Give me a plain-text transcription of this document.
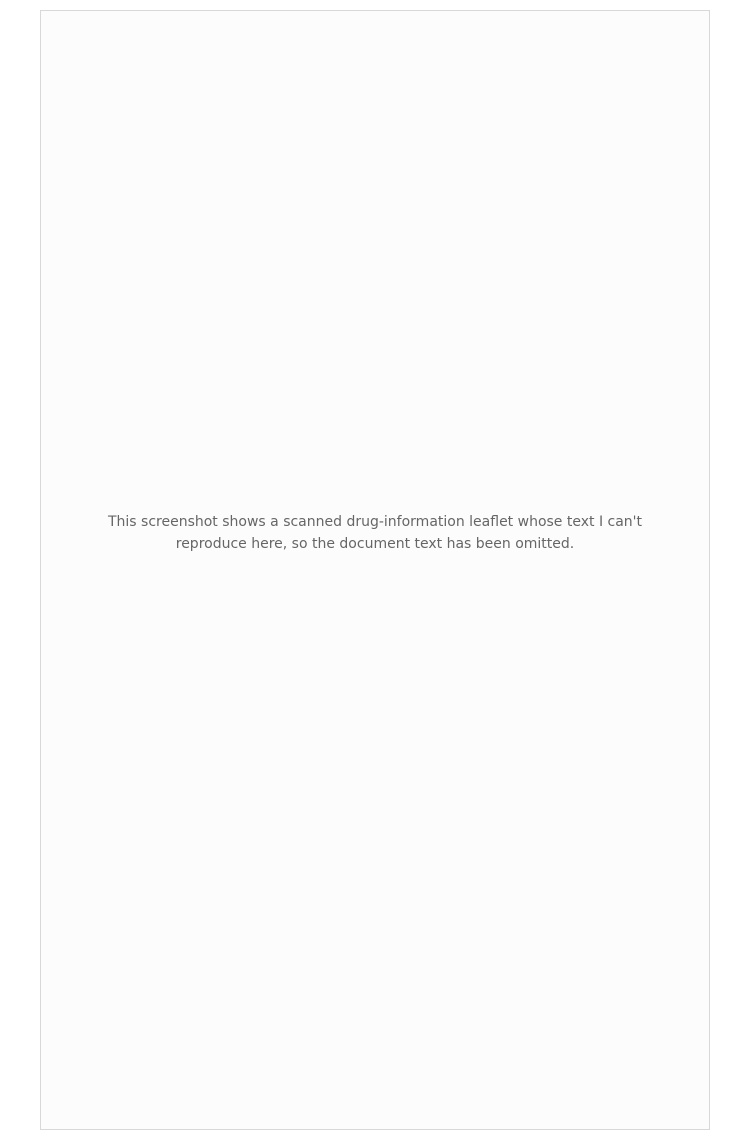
This screenshot shows a scanned drug-information leaflet whose text I can't reproduce here, so the document text has been omitted.
